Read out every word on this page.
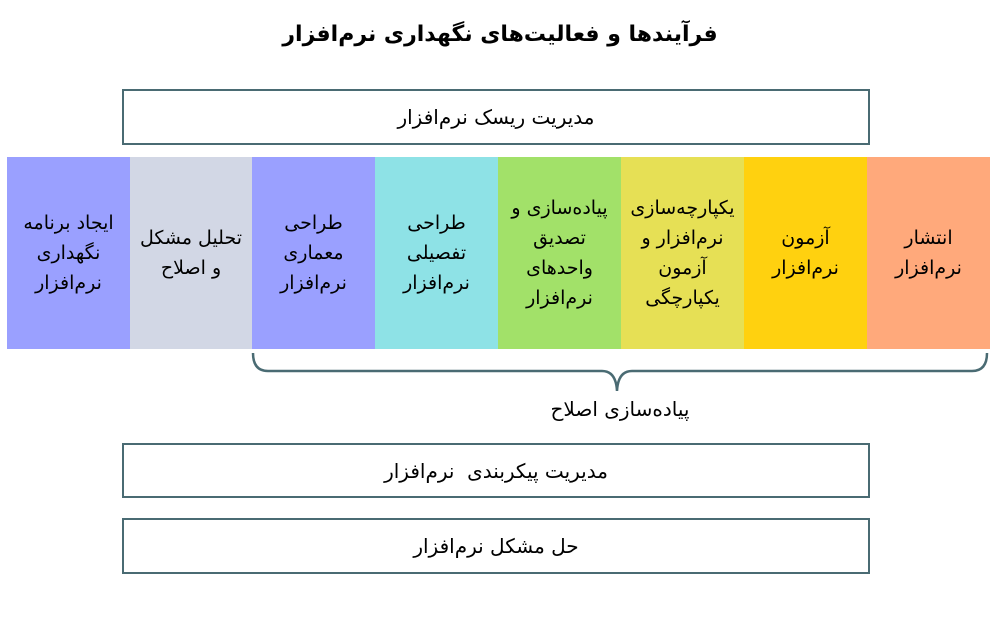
فرآیندها و فعالیت‌های نگهداری نرم‌افزار
مدیریت ریسک نرم‌افزار
ایجاد برنامه
نگهداری
نرم‌افزار
تحلیل مشکل
و اصلاح
طراحی
معماری
نرم‌افزار
طراحی
تفصیلی
نرم‌افزار
پیاده‌سازی و
تصدیق
واحدهای
نرم‌افزار
یکپارچه‌سازی
نرم‌افزار و
آزمون
یکپارچگی
آزمون نرم‌افزار
انتشار نرم‌افزار
پیاده‌سازی اصلاح
مدیریت پیکربندی  نرم‌افزار
حل مشکل نرم‌افزار
